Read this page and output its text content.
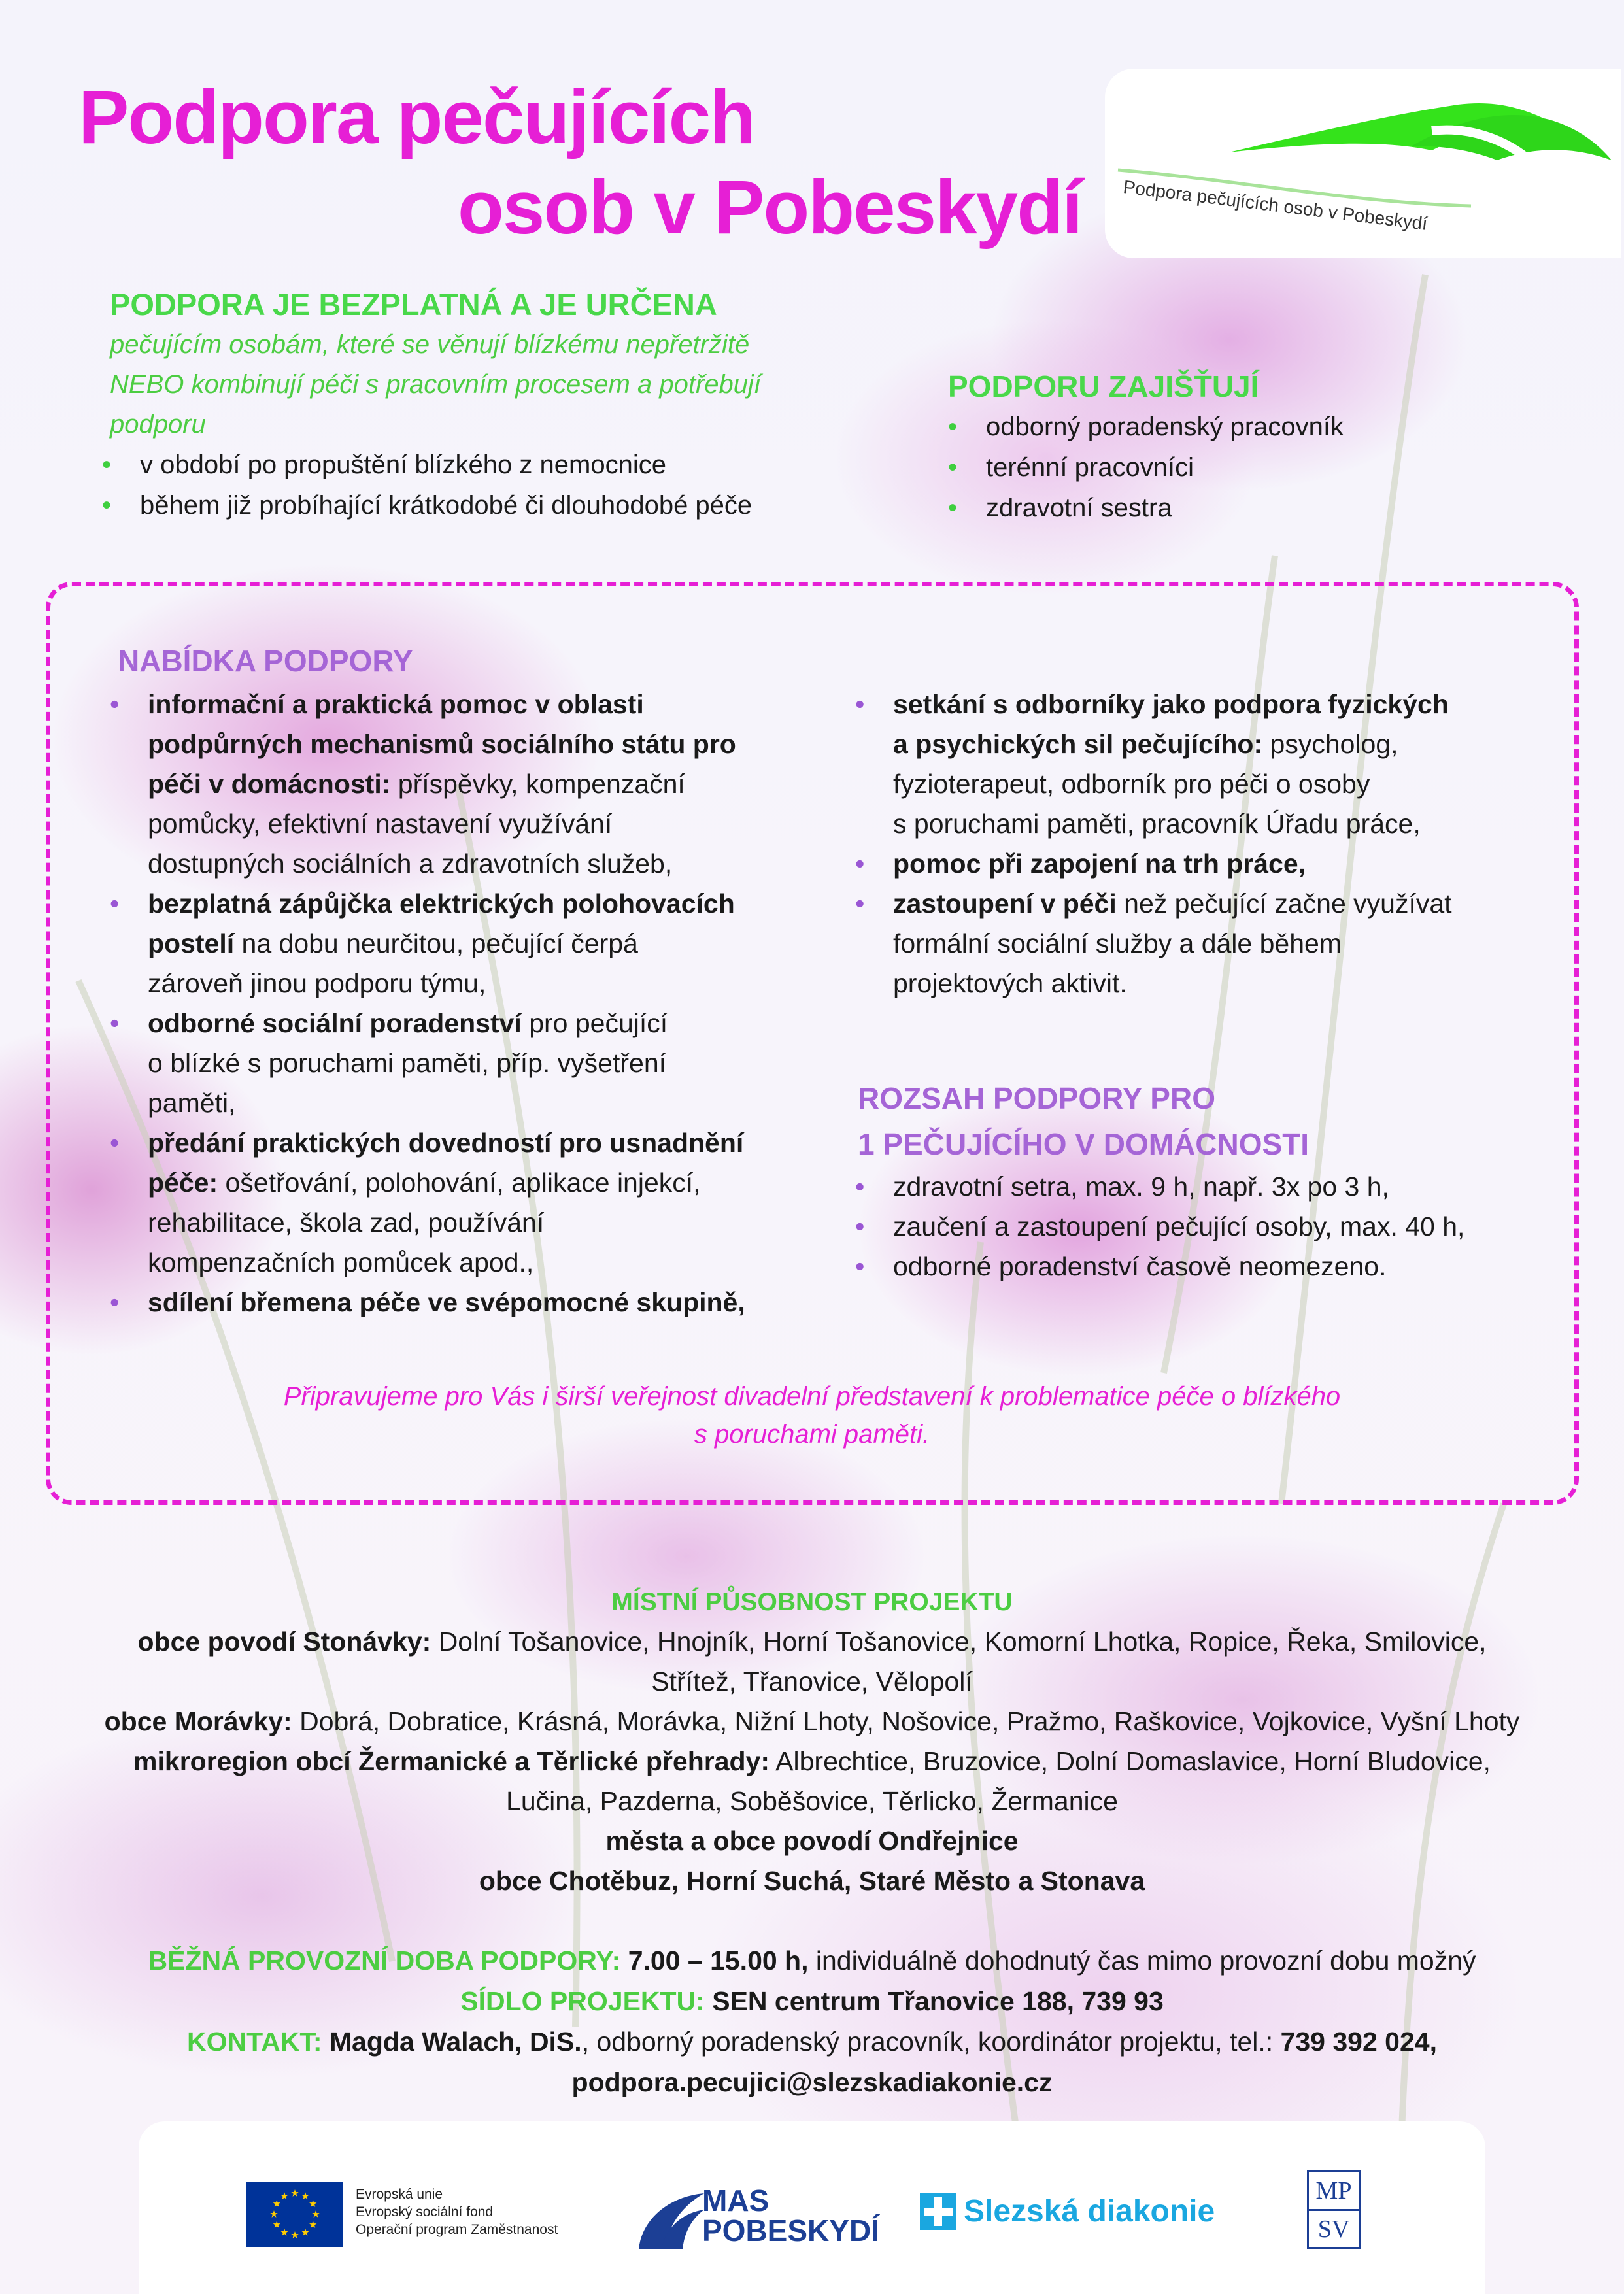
Podpora pečujících
osob v Pobeskydí Podpora pečujících osob v Pobeskydí
PODPORA JE BEZPLATNÁ A JE URČENA
pečujícím osobám, které se věnují blízkému nepřetržitě
NEBO kombinují péči s pracovním procesem a potřebují
podporu
• v období po propuštění blízkého z nemocnice
• během již probíhající krátkodobé či dlouhodobé péče
PODPORU ZAJIŠŤUJÍ
• odborný poradenský pracovník
• terénní pracovníci
• zdravotní sestra
NABÍDKA PODPORY
• informační a praktická pomoc v oblasti
podpůrných mechanismů sociálního státu pro
péči v domácnosti: příspěvky, kompenzační
pomůcky, efektivní nastavení využívání
dostupných sociálních a zdravotních služeb,
• bezplatná zápůjčka elektrických polohovacích
postelí na dobu neurčitou, pečující čerpá
zároveň jinou podporu týmu,
• odborné sociální poradenství pro pečující
o blízké s poruchami paměti, příp. vyšetření
paměti,
• předání praktických dovedností pro usnadnění
péče: ošetřování, polohování, aplikace injekcí,
rehabilitace, škola zad, používání
kompenzačních pomůcek apod.,
• sdílení břemena péče ve svépomocné skupině,
• setkání s odborníky jako podpora fyzických
a psychických sil pečujícího: psycholog,
fyzioterapeut, odborník pro péči o osoby
s poruchami paměti, pracovník Úřadu práce,
• pomoc při zapojení na trh práce,
• zastoupení v péči než pečující začne využívat
formální sociální služby a dále během
projektových aktivit.
ROZSAH PODPORY PRO
1 PEČUJÍCÍHO V DOMÁCNOSTI
• zdravotní setra, max. 9 h, např. 3x po 3 h,
• zaučení a zastoupení pečující osoby, max. 40 h,
• odborné poradenství časově neomezeno.
Připravujeme pro Vás i širší veřejnost divadelní představení k problematice péče o blízkého
s poruchami paměti.
MÍSTNÍ PŮSOBNOST PROJEKTU
obce povodí Stonávky: Dolní Tošanovice, Hnojník, Horní Tošanovice, Komorní Lhotka, Ropice, Řeka, Smilovice,
Střítež, Třanovice, Vělopolí
obce Morávky: Dobrá, Dobratice, Krásná, Morávka, Nižní Lhoty, Nošovice, Pražmo, Raškovice, Vojkovice, Vyšní Lhoty
mikroregion obcí Žermanické a Těrlické přehrady: Albrechtice, Bruzovice, Dolní Domaslavice, Horní Bludovice,
Lučina, Pazderna, Soběšovice, Těrlicko, Žermanice
města a obce povodí Ondřejnice
obce Chotěbuz, Horní Suchá, Staré Město a Stonava
BĚŽNÁ PROVOZNÍ DOBA PODPORY: 7.00 – 15.00 h, individuálně dohodnutý čas mimo provozní dobu možný
SÍDLO PROJEKTU: SEN centrum Třanovice 188, 739 93
KONTAKT: Magda Walach, DiS., odborný poradenský pracovník, koordinátor projektu, tel.: 739 392 024,
podpora.pecujici@slezskadiakonie.cz
Evropská unie
Evropský sociální fond
Operační program Zaměstnanost
MAS
POBESKYDÍ
Slezská diakonie
MP
SV
